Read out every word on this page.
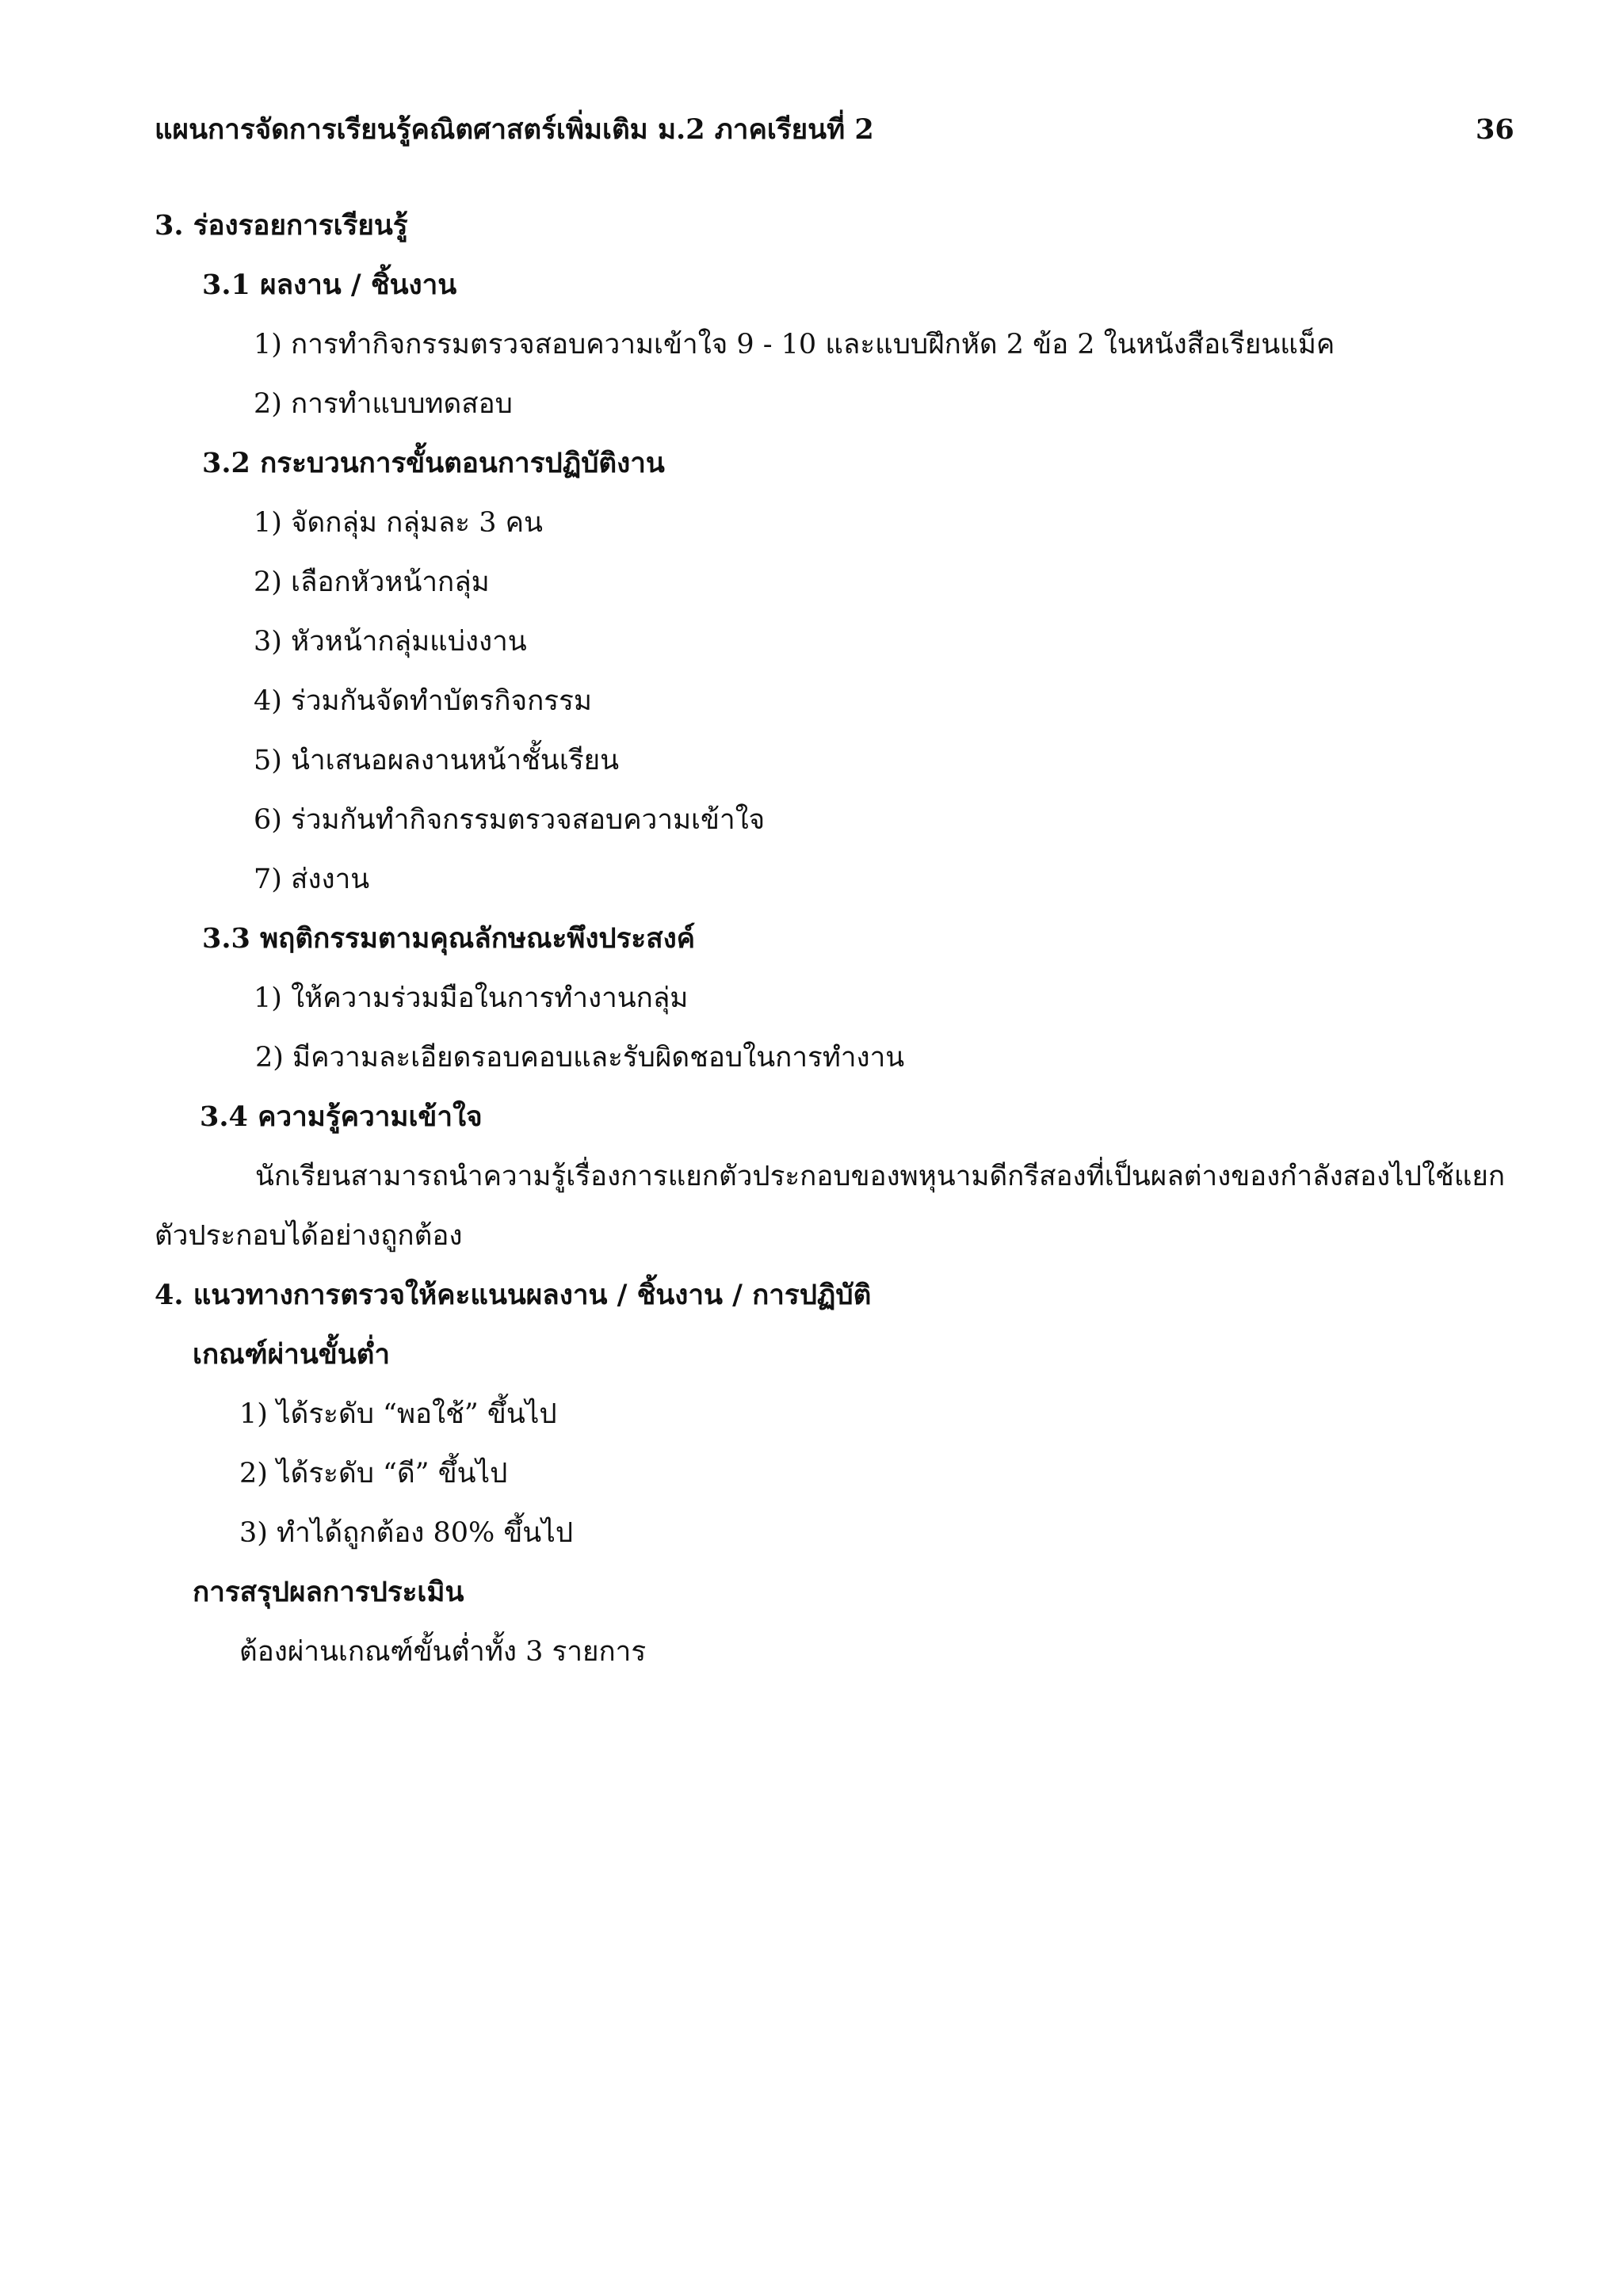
แผนการจัดการเรียนรู้คณิตศาสตร์เพิ่มเติม ม.2 ภาคเรียนที่ 2	36
3. ร่องรอยการเรียนรู้
3.1 ผลงาน / ชิ้นงาน
1) การทำกิจกรรมตรวจสอบความเข้าใจ 9 - 10 และแบบฝึกหัด 2 ข้อ 2 ในหนังสือเรียนแม็ค
2) การทำแบบทดสอบ
3.2 กระบวนการขั้นตอนการปฏิบัติงาน
1) จัดกลุ่ม กลุ่มละ 3 คน
2) เลือกหัวหน้ากลุ่ม
3) หัวหน้ากลุ่มแบ่งงาน
4) ร่วมกันจัดทำบัตรกิจกรรม
5) นำเสนอผลงานหน้าชั้นเรียน
6) ร่วมกันทำกิจกรรมตรวจสอบความเข้าใจ
7) ส่งงาน
3.3 พฤติกรรมตามคุณลักษณะพึงประสงค์
1) ให้ความร่วมมือในการทำงานกลุ่ม
2) มีความละเอียดรอบคอบและรับผิดชอบในการทำงาน
3.4 ความรู้ความเข้าใจ
นักเรียนสามารถนำความรู้เรื่องการแยกตัวประกอบของพหุนามดีกรีสองที่เป็นผลต่างของกำลังสองไปใช้แยก
ตัวประกอบได้อย่างถูกต้อง
4. แนวทางการตรวจให้คะแนนผลงาน / ชิ้นงาน / การปฏิบัติ
เกณฑ์ผ่านขั้นต่ำ
1) ได้ระดับ “พอใช้” ขึ้นไป
2) ได้ระดับ “ดี” ขึ้นไป
3) ทำได้ถูกต้อง 80% ขึ้นไป
การสรุปผลการประเมิน
ต้องผ่านเกณฑ์ขั้นต่ำทั้ง 3 รายการ
